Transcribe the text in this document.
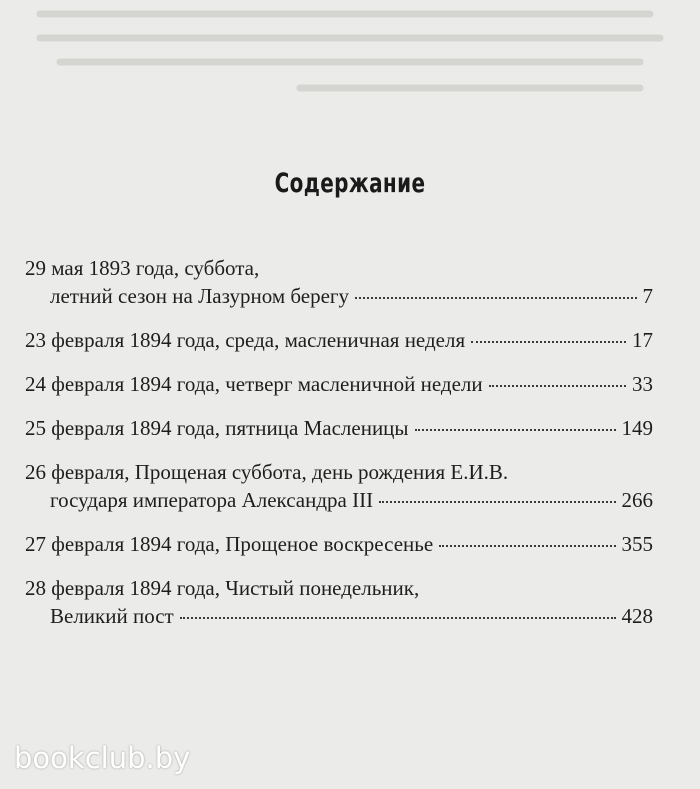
Содержание
29 мая 1893 года, суббота,
летний сезон на Лазурном берегу	7
23 февраля 1894 года, среда, масленичная неделя	17
24 февраля 1894 года, четверг масленичной недели	33
25 февраля 1894 года, пятница Масленицы	149
26 февраля, Прощеная суббота, день рождения Е.И.В.
государя императора Александра III	266
27 февраля 1894 года, Прощеное воскресенье	355
28 февраля 1894 года, Чистый понедельник,
Великий пост	428
bookclub.by
